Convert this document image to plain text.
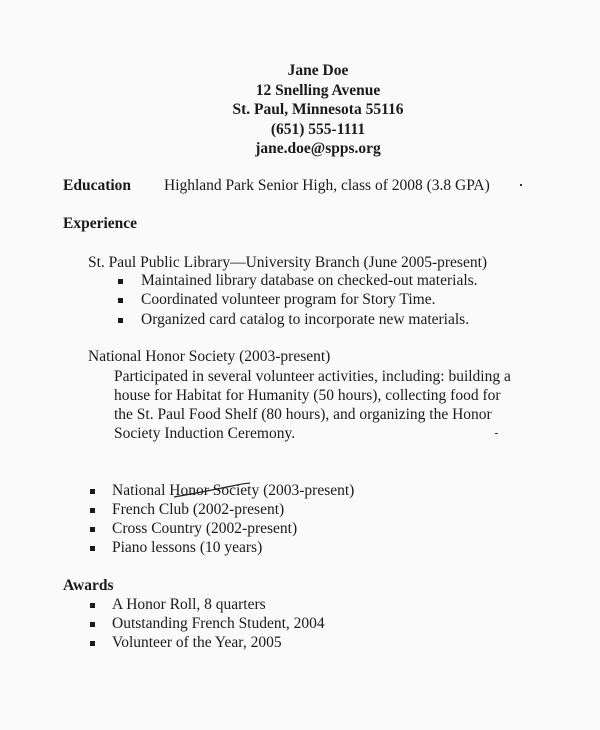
Jane Doe
12 Snelling Avenue
St. Paul, Minnesota 55116
(651) 555-1111
jane.doe@spps.org
Education Highland Park Senior High, class of 2008 (3.8 GPA)
Experience
St. Paul Public Library—University Branch (June 2005-present)
Maintained library database on checked-out materials.
Coordinated volunteer program for Story Time.
Organized card catalog to incorporate new materials.
National Honor Society (2003-present)
Participated in several volunteer activities, including: building a
house for Habitat for Humanity (50 hours), collecting food for
the St. Paul Food Shelf (80 hours), and organizing the Honor
Society Induction Ceremony.
National Honor Society (2003-present)
French Club (2002-present)
Cross Country (2002-present)
Piano lessons (10 years)
Awards
A Honor Roll, 8 quarters
Outstanding French Student, 2004
Volunteer of the Year, 2005
